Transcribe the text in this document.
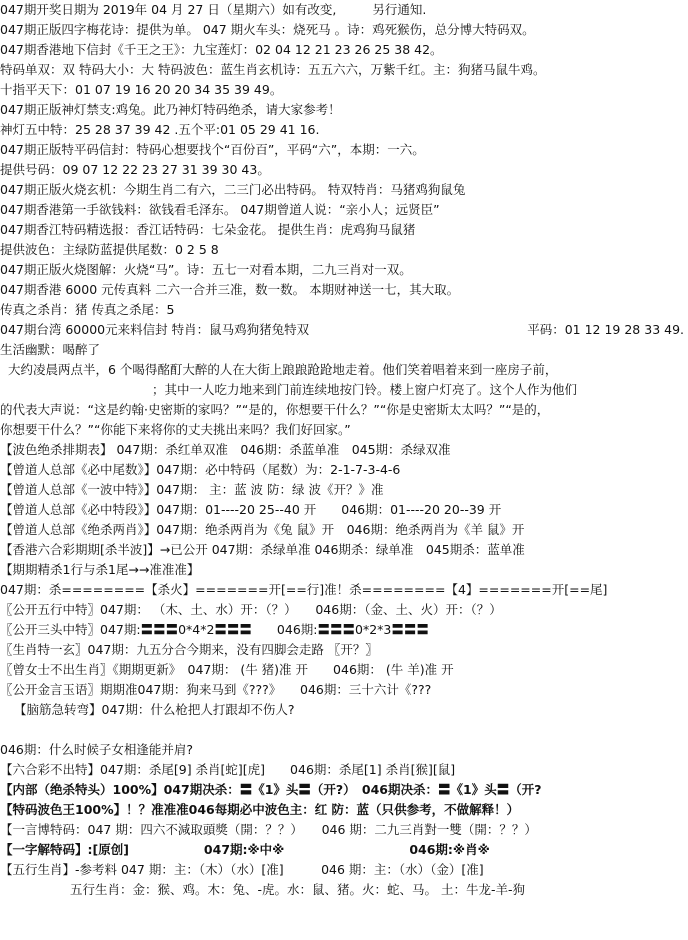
047期开奖日期为 2019年 04 月 27 日（星期六）如有改变,	另行通知.
047期正版四字梅花诗：提供为单。 047 期火车头：烧死马 。诗：鸡死猴伤，总分博大特码双。
047期香港地下信封《千王之王》：九宝莲灯：02 04 12 21 23 26 25 38 42。
特码单双：双 特码大小：大 特码波色：蓝生肖玄机诗：五五六六，万紫千红。主：狗猪马鼠牛鸡。
十指平天下：01 07 19 16 20 20 34 35 39 49。
047期正版神灯禁支:鸡兔。此乃神灯特码绝杀，请大家参考！
神灯五中特：25 28 37 39 42 .五个平:01 05 29 41 16.
047期正版特平码信封：特码心想要找个“百份百”，平码“六”，本期：一六。
提供号码：09 07 12 22 23 27 31 39 30 43。
047期正版火烧玄机：今期生肖二有六，二三门必出特码。 特双特肖：马猪鸡狗鼠兔
047期香港第一手欲钱料：欲钱看毛泽东。 047期曾道人说：“亲小人；远贤臣”
047期香江特码精选报：香江话特码：七朵金花。 提供生肖：虎鸡狗马鼠猪
提供波色：主绿防蓝提供尾数：0 2 5 8
047期正版火烧图解：火烧“马”。诗：五七一对看本期，二九三肖对一双。
047期香港 6000 元传真料 二六一合并三准，数一数。 本期财神送一七，其大取。
传真之杀肖：猪 传真之杀尾：5
047期台湾 60000元来料信封 特肖：鼠马鸡狗猪兔特双	平码：01 12 19 28 33 49.
生活幽默：喝醉了
大约凌晨两点半，6 个喝得酩酊大醉的人在大街上踉踉跄跄地走着。他们笑着唱着来到一座房子前，
；其中一人吃力地来到门前连续地按门铃。楼上窗户灯亮了。这个人作为他们
的代表大声说：“这是约翰·史密斯的家吗？”“是的，你想要干什么？”“你是史密斯太太吗？”“是的，
你想要干什么？”“你能下来将你的丈夫挑出来吗？我们好回家。”
【波色绝杀排期表】 047期：杀红单双准　046期：杀蓝单准　045期：杀绿双准
【曾道人总部《必中尾数》】047期：必中特码（尾数）为：2-1-7-3-4-6
【曾道人总部《一波中特》】047期： 主：蓝 波 防：绿 波《开？》准
【曾道人总部《必中特段》】047期：01----20 25--40 开　　046期：01----20 20--39 开
【曾道人总部《绝杀两肖》】047期：绝杀两肖为《兔 鼠》开　046期：绝杀两肖为《羊 鼠》开
【香港六合彩期期[杀半波]】→已公开 047期：杀绿单准 046期杀：绿单准　045期杀：蓝单准
【期期精杀1行与杀1尾→→准准准】
047期：杀========【杀火】=======开[==行]准！杀========【4】=======开[==尾]
〖公开五行中特〗047期： （木、土、水）开：（？）　　046期：（金、土、火）开：（？）
〖公开三头中特〗047期:〓〓〓0*4*2〓〓〓　　046期:〓〓〓0*2*3〓〓〓
〖生肖特一玄〗047期：九五分合今期来，没有四脚会走路 〖开？〗
〖曾女士不出生肖〗《期期更新》　047期： (牛 猪)准 开　　046期： (牛 羊)准 开
〖公开金言玉语〗期期准047期：狗来马到《???》　　046期：三十六计《???
【脑筋急转弯】047期：什么枪把人打跟却不伤人?
046期：什么时候子女相逢能并肩?
【六合彩不出特】047期：杀尾[9] 杀肖[蛇][虎]　　046期：杀尾[1] 杀肖[猴][鼠]
【内部（绝杀特头）100%】047期决杀：〓《1》头〓（开?）　046期决杀：〓《1》头〓（开?
【特码波色王100%】！？准准准046每期必中波色主：红 防：蓝（只供参考，不做解释！）
【一言博特码：047 期：四六不減取頭獎（開：？？）　　046 期：二九三肖對一雙（開：？？）
【一字解特码】:[原创]　　　　　　047期:※中※　　　　　　　　　　046期:※肖※
【五行生肖】-参考料 047 期：主：（木）（水）[准]　　　046 期：主：（水）（金）[准]
五行生肖：金：猴、鸡。木：兔、-虎。水：鼠、猪。火：蛇、马。 土：牛龙-羊-狗
